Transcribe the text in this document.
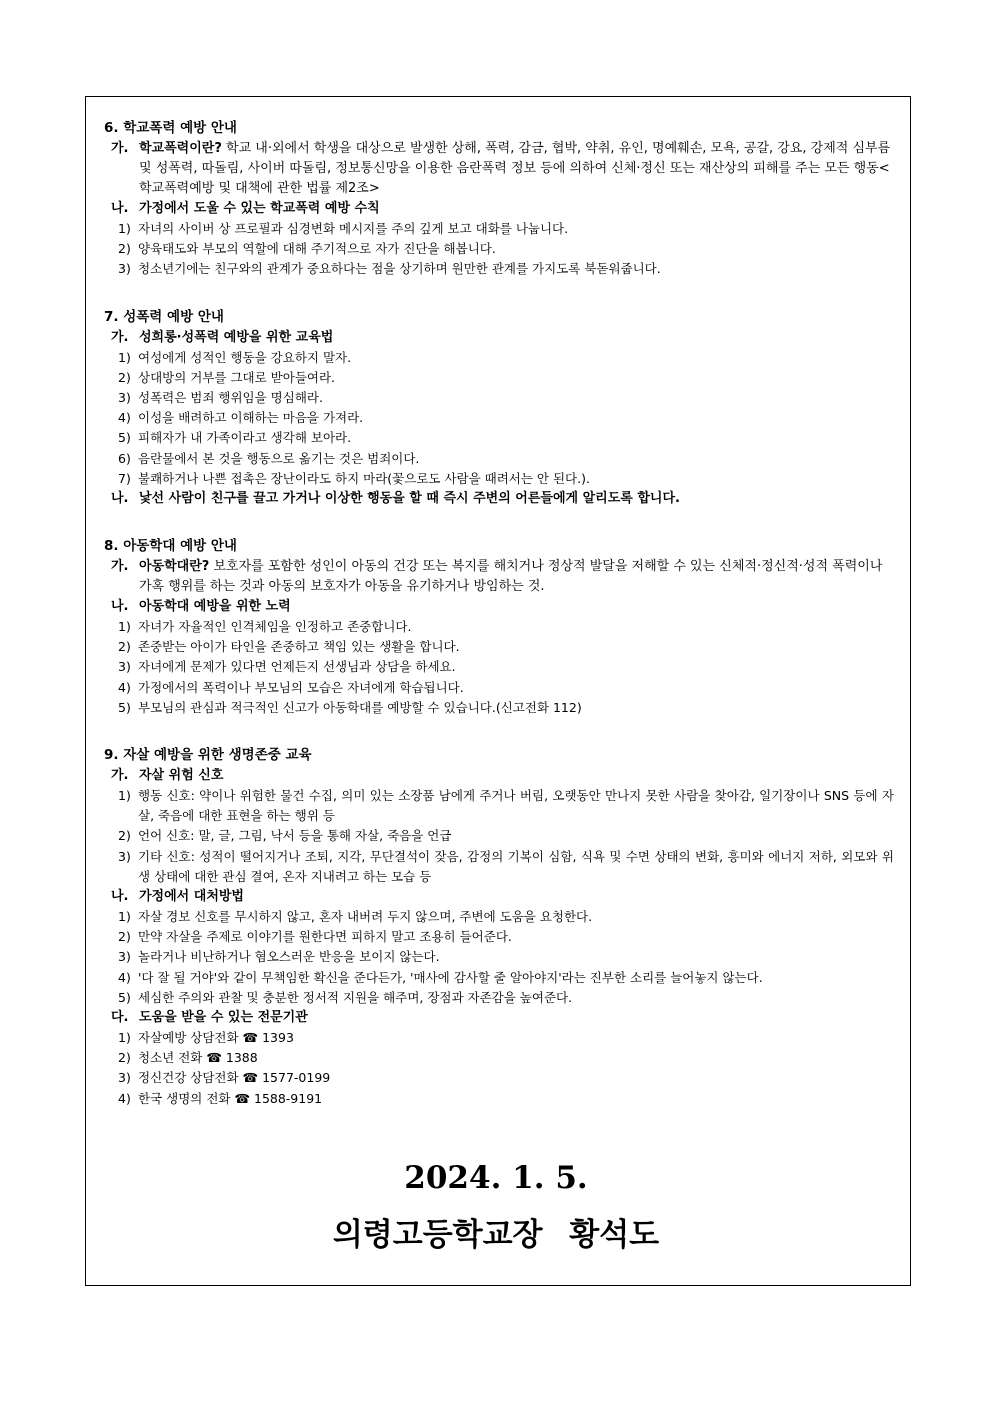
6. 학교폭력 예방 안내
가. 학교폭력이란? 학교 내·외에서 학생을 대상으로 발생한 상해, 폭력, 감금, 협박, 약취, 유인, 명예훼손, 모욕, 공갈, 강요, 강제적 심부름 및 성폭력, 따돌림, 사이버 따돌림, 정보통신망을 이용한 음란폭력 정보 등에 의하여 신체·정신 또는 재산상의 피해를 주는 모든 행동<학교폭력예방 및 대책에 관한 법률 제2조>
나. 가정에서 도울 수 있는 학교폭력 예방 수칙
1) 자녀의 사이버 상 프로필과 심경변화 메시지를 주의 깊게 보고 대화를 나눕니다.
2) 양육태도와 부모의 역할에 대해 주기적으로 자가 진단을 해봅니다.
3) 청소년기에는 친구와의 관계가 중요하다는 점을 상기하며 원만한 관계를 가지도록 북돋워줍니다.
7. 성폭력 예방 안내
가. 성희롱·성폭력 예방을 위한 교육법
1) 여성에게 성적인 행동을 강요하지 말자.
2) 상대방의 거부를 그대로 받아들여라.
3) 성폭력은 범죄 행위임을 명심해라.
4) 이성을 배려하고 이해하는 마음을 가져라.
5) 피해자가 내 가족이라고 생각해 보아라.
6) 음란물에서 본 것을 행동으로 옮기는 것은 범죄이다.
7) 불쾌하거나 나쁜 접촉은 장난이라도 하지 마라(꽃으로도 사람을 때려서는 안 된다.).
나. 낯선 사람이 친구를 끌고 가거나 이상한 행동을 할 때 즉시 주변의 어른들에게 알리도록 합니다.
8. 아동학대 예방 안내
가. 아동학대란? 보호자를 포함한 성인이 아동의 건강 또는 복지를 해치거나 정상적 발달을 저해할 수 있는 신체적·정신적·성적 폭력이나 가혹 행위를 하는 것과 아동의 보호자가 아동을 유기하거나 방임하는 것.
나. 아동학대 예방을 위한 노력
1) 자녀가 자율적인 인격체임을 인정하고 존중합니다.
2) 존중받는 아이가 타인을 존중하고 책임 있는 생활을 합니다.
3) 자녀에게 문제가 있다면 언제든지 선생님과 상담을 하세요.
4) 가정에서의 폭력이나 부모님의 모습은 자녀에게 학습됩니다.
5) 부모님의 관심과 적극적인 신고가 아동학대를 예방할 수 있습니다.(신고전화 112)
9. 자살 예방을 위한 생명존중 교육
가. 자살 위험 신호
1) 행동 신호: 약이나 위험한 물건 수집, 의미 있는 소장품 남에게 주거나 버림, 오랫동안 만나지 못한 사람을 찾아감, 일기장이나 SNS 등에 자살, 죽음에 대한 표현을 하는 행위 등
2) 언어 신호: 말, 글, 그림, 낙서 등을 통해 자살, 죽음을 언급
3) 기타 신호: 성적이 떨어지거나 조퇴, 지각, 무단결석이 잦음, 감정의 기복이 심함, 식욕 및 수면 상태의 변화, 흥미와 에너지 저하, 외모와 위생 상태에 대한 관심 결여, 온자 지내려고 하는 모습 등
나. 가정에서 대처방법
1) 자살 경보 신호를 무시하지 않고, 혼자 내버려 두지 않으며, 주변에 도움을 요청한다.
2) 만약 자살을 주제로 이야기를 원한다면 피하지 말고 조용히 들어준다.
3) 놀라거나 비난하거나 혐오스러운 반응을 보이지 않는다.
4) '다 잘 될 거야'와 같이 무책임한 확신을 준다든가, '매사에 감사할 줄 알아야지'라는 진부한 소리를 늘어놓지 않는다.
5) 세심한 주의와 관찰 및 충분한 정서적 지원을 해주며, 장점과 자존감을 높여준다.
다. 도움을 받을 수 있는 전문기관
1) 자살예방 상담전화 ☎ 1393
2) 청소년 전화 ☎ 1388
3) 정신건강 상담전화 ☎ 1577-0199
4) 한국 생명의 전화 ☎ 1588-9191
2024. 1. 5.
의령고등학교장 황석도
